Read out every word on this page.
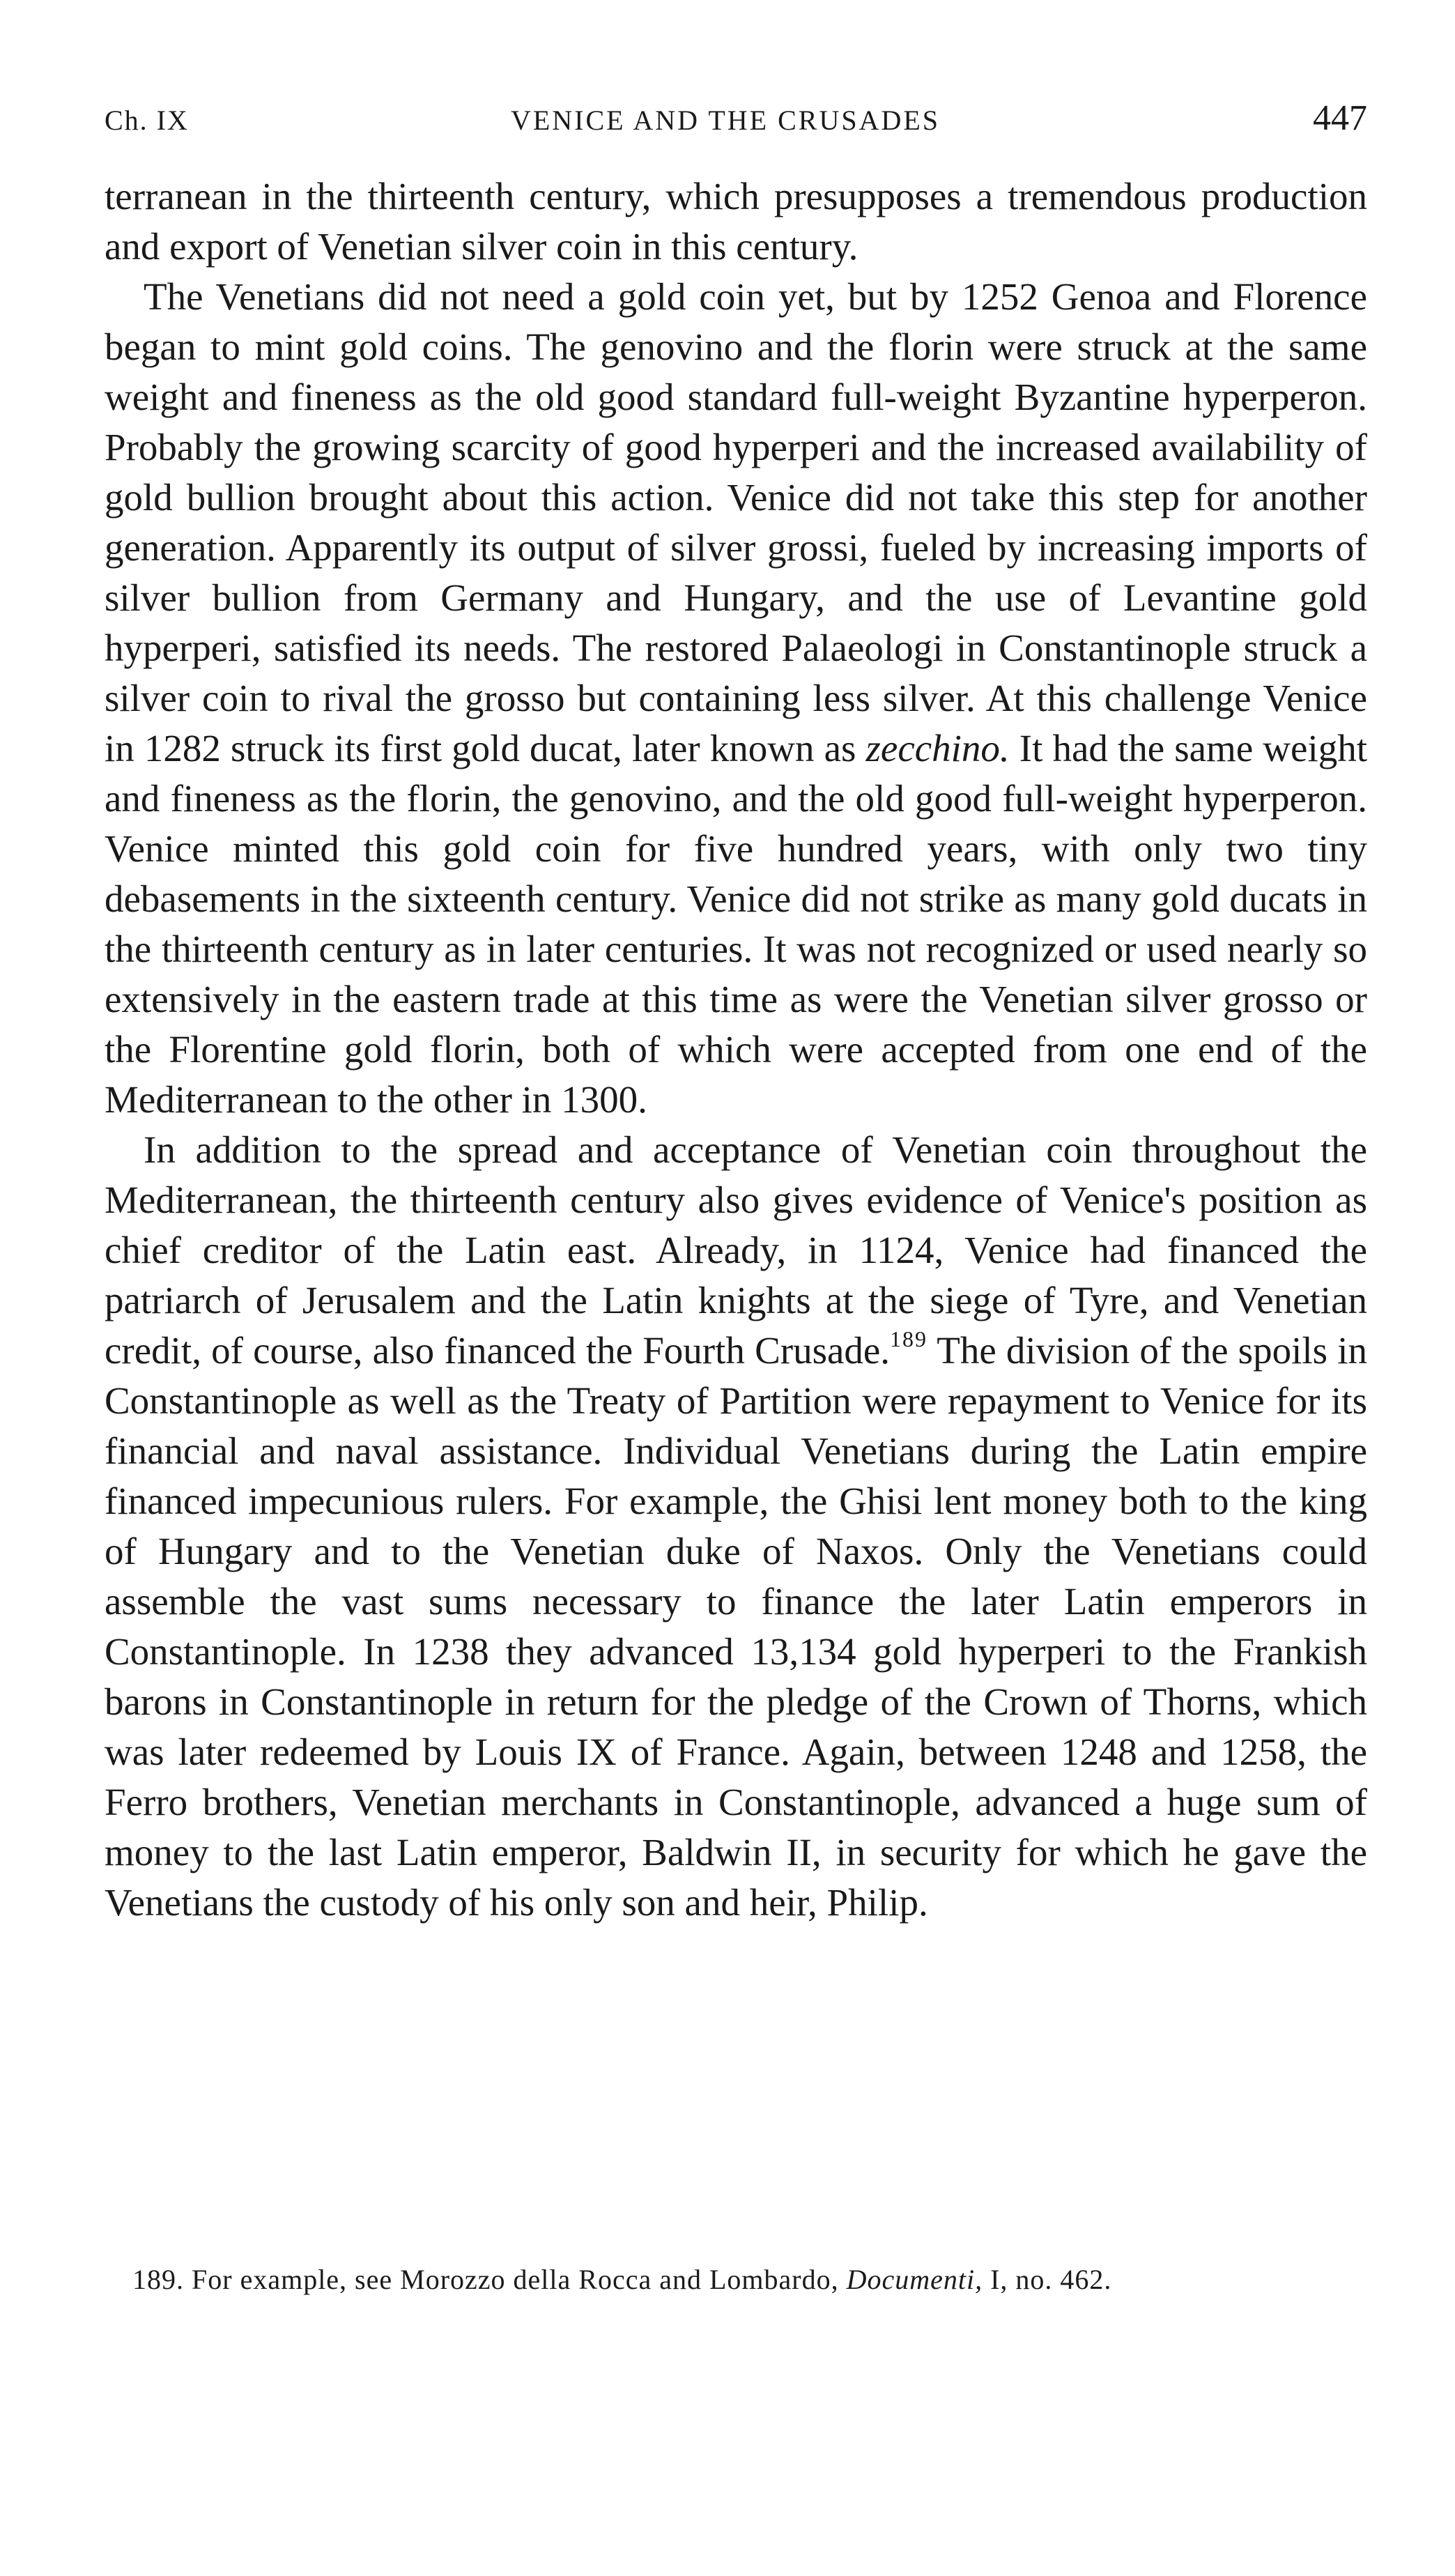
Ch. IX	VENICE AND THE CRUSADES	447

terranean in the thirteenth century, which presupposes a tremendous production and export of Venetian silver coin in this century.

The Venetians did not need a gold coin yet, but by 1252 Genoa and Florence began to mint gold coins. The genovino and the florin were struck at the same weight and fineness as the old good standard full-weight Byzantine hyperperon. Probably the growing scarcity of good hyperperi and the increased availability of gold bullion brought about this action. Venice did not take this step for another generation. Apparently its output of silver grossi, fueled by increasing imports of silver bullion from Germany and Hungary, and the use of Levantine gold hyperperi, satisfied its needs. The restored Palaeologi in Constantinople struck a silver coin to rival the grosso but containing less silver. At this challenge Venice in 1282 struck its first gold ducat, later known as zecchino. It had the same weight and fineness as the florin, the genovino, and the old good full-weight hyperperon. Venice minted this gold coin for five hundred years, with only two tiny debasements in the sixteenth century. Venice did not strike as many gold ducats in the thirteenth century as in later centuries. It was not recognized or used nearly so extensively in the eastern trade at this time as were the Venetian silver grosso or the Florentine gold florin, both of which were accepted from one end of the Mediterranean to the other in 1300.

In addition to the spread and acceptance of Venetian coin throughout the Mediterranean, the thirteenth century also gives evidence of Venice's position as chief creditor of the Latin east. Already, in 1124, Venice had financed the patriarch of Jerusalem and the Latin knights at the siege of Tyre, and Venetian credit, of course, also financed the Fourth Crusade.$^{189}$ The division of the spoils in Constantinople as well as the Treaty of Partition were repayment to Venice for its financial and naval assistance. Individual Venetians during the Latin empire financed impecunious rulers. For example, the Ghisi lent money both to the king of Hungary and to the Venetian duke of Naxos. Only the Venetians could assemble the vast sums necessary to finance the later Latin emperors in Constantinople. In 1238 they advanced 13,134 gold hyperperi to the Frankish barons in Constantinople in return for the pledge of the Crown of Thorns, which was later redeemed by Louis IX of France. Again, between 1248 and 1258, the Ferro brothers, Venetian merchants in Constantinople, advanced a huge sum of money to the last Latin emperor, Baldwin II, in security for which he gave the Venetians the custody of his only son and heir, Philip.

189. For example, see Morozzo della Rocca and Lombardo, Documenti, I, no. 462.
